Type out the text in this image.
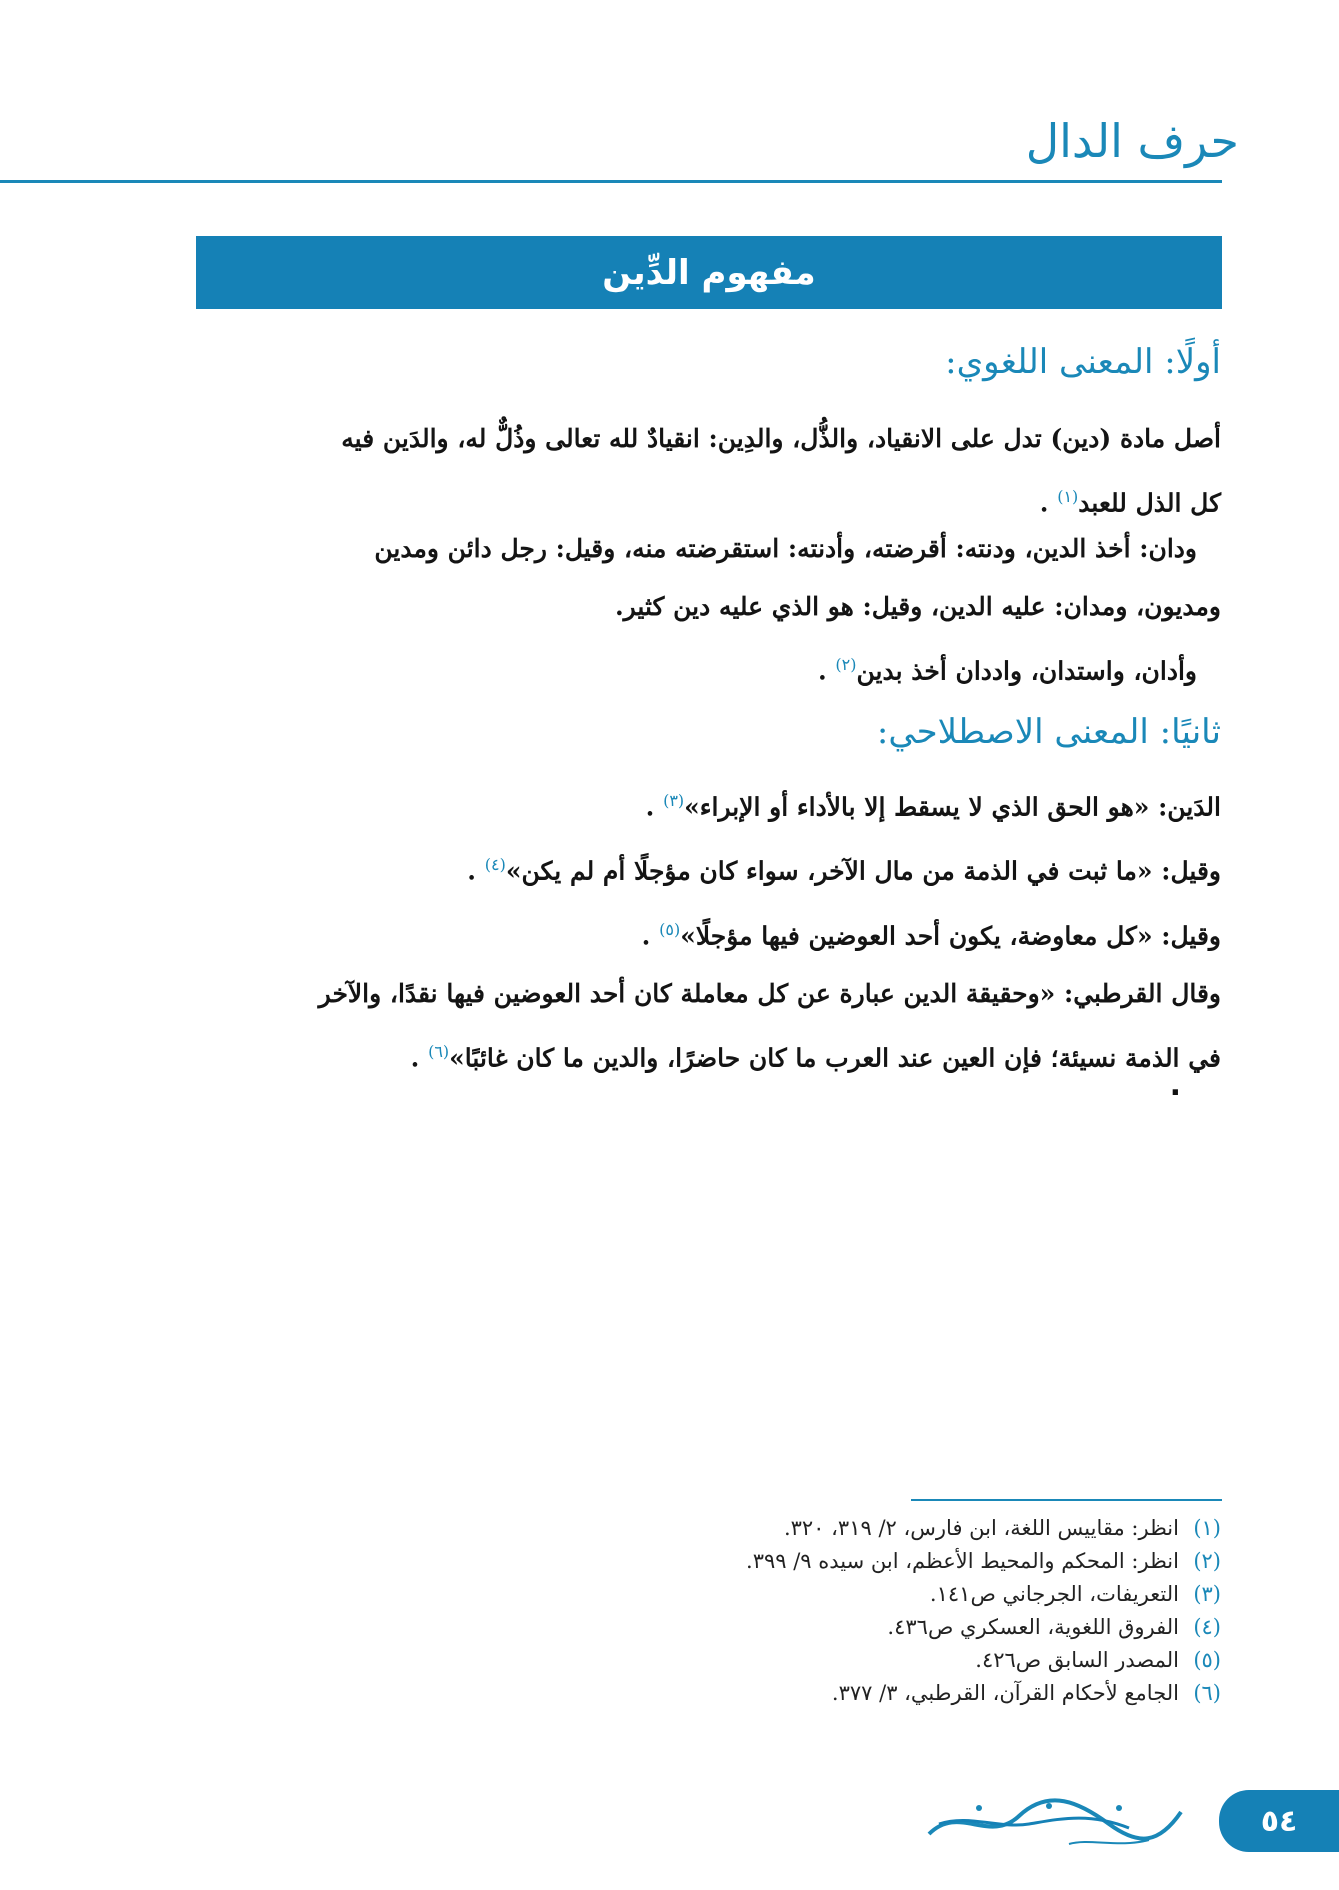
حرف الدال
مفهوم الدِّين
أولًا: المعنى اللغوي:
أصل مادة (دين) تدل على الانقياد، والذُّل، والدِين: انقيادٌ لله تعالى وذُلٌّ له، والدَين فيه
كل الذل للعبد$^{(١)}$ .
ودان: أخذ الدين، ودنته: أقرضته، وأدنته: استقرضته منه، وقيل: رجل دائن ومدين
ومديون، ومدان: عليه الدين، وقيل: هو الذي عليه دين كثير.
وأدان، واستدان، واددان أخذ بدين$^{(٢)}$ .
ثانيًا: المعنى الاصطلاحي:
الدَين: «هو الحق الذي لا يسقط إلا بالأداء أو الإبراء»$^{(٣)}$ .
وقيل: «ما ثبت في الذمة من مال الآخر، سواء كان مؤجلًا أم لم يكن»$^{(٤)}$ .
وقيل: «كل معاوضة، يكون أحد العوضين فيها مؤجلًا»$^{(٥)}$ .
وقال القرطبي: «وحقيقة الدين عبارة عن كل معاملة كان أحد العوضين فيها نقدًا، والآخر
في الذمة نسيئة؛ فإن العين عند العرب ما كان حاضرًا، والدين ما كان غائبًا»$^{(٦)}$ .
.
(١)انظر: مقاييس اللغة، ابن فارس، ٢/ ٣١٩، ٣٢٠.
(٢)انظر: المحكم والمحيط الأعظم، ابن سيده ٩/ ٣٩٩.
(٣)التعريفات، الجرجاني ص١٤١.
(٤)الفروق اللغوية، العسكري ص٤٣٦.
(٥)المصدر السابق ص٤٢٦.
(٦)الجامع لأحكام القرآن، القرطبي، ٣/ ٣٧٧.
٥٤
